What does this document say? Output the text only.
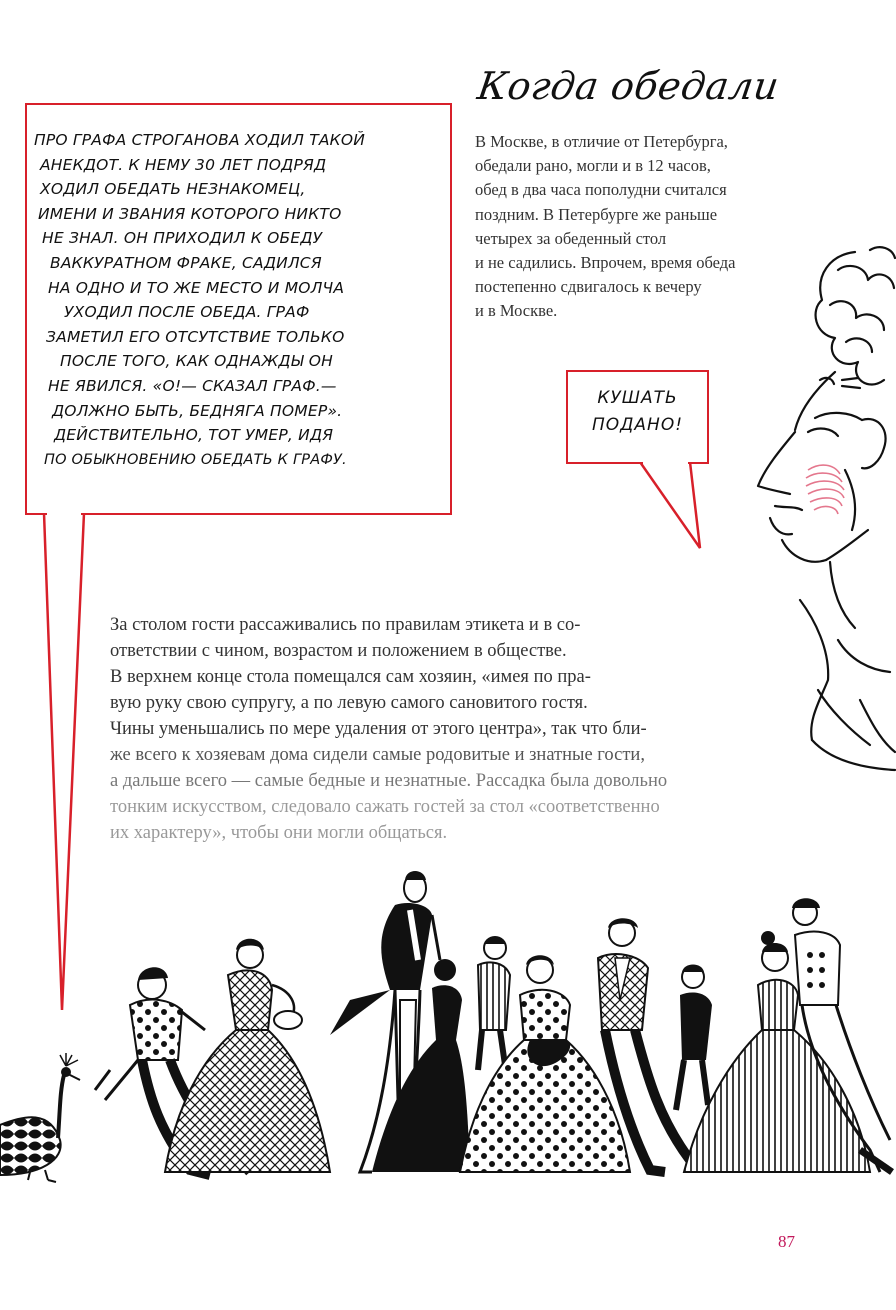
Когда обедали
В Москве, в отличие от Петербурга,
обедали рано, могли и в 12 часов,
обед в два часа пополудни считался
поздним. В Петербурге же раньше
четырех за обеденный стол
и не садились. Впрочем, время обеда
постепенно сдвигалось к вечеру
и в Москве.
ПРО ГРАФА СТРОГАНОВА ХОДИЛ ТАКОЙ
АНЕКДОТ. К НЕМУ 30 ЛЕТ ПОДРЯД
ХОДИЛ ОБЕДАТЬ НЕЗНАКОМЕЦ,
ИМЕНИ И ЗВАНИЯ КОТОРОГО НИКТО
НЕ ЗНАЛ. ОН ПРИХОДИЛ К ОБЕДУ
ВАККУРАТНОМ ФРАКЕ, САДИЛСЯ
НА ОДНО И ТО ЖЕ МЕСТО И МОЛЧА
УХОДИЛ ПОСЛЕ ОБЕДА. ГРАФ
ЗАМЕТИЛ ЕГО ОТСУТСТВИЕ ТОЛЬКО
ПОСЛЕ ТОГО, КАК ОДНАЖДЫ ОН
НЕ ЯВИЛСЯ. «О!— СКАЗАЛ ГРАФ.—
ДОЛЖНО БЫТЬ, БЕДНЯГА ПОМЕР».
ДЕЙСТВИТЕЛЬНО, ТОТ УМЕР, ИДЯ
ПО ОБЫКНОВЕНИЮ ОБЕДАТЬ К ГРАФУ.
КУШАТЬ
ПОДАНО!
За столом гости рассаживались по правилам этикета и в со-
ответствии с чином, возрастом и положением в обществе.
В верхнем конце стола помещался сам хозяин, «имея по пра-
вую руку свою супругу, а по левую самого сановитого гостя.
Чины уменьшались по мере удаления от этого центра», так что бли-
же всего к хозяевам дома сидели самые родовитые и знатные гости,
а дальше всего — самые бедные и незнатные. Рассадка была довольно
тонким искусством, следовало сажать гостей за стол «соответственно
их характеру», чтобы они могли общаться.
87
